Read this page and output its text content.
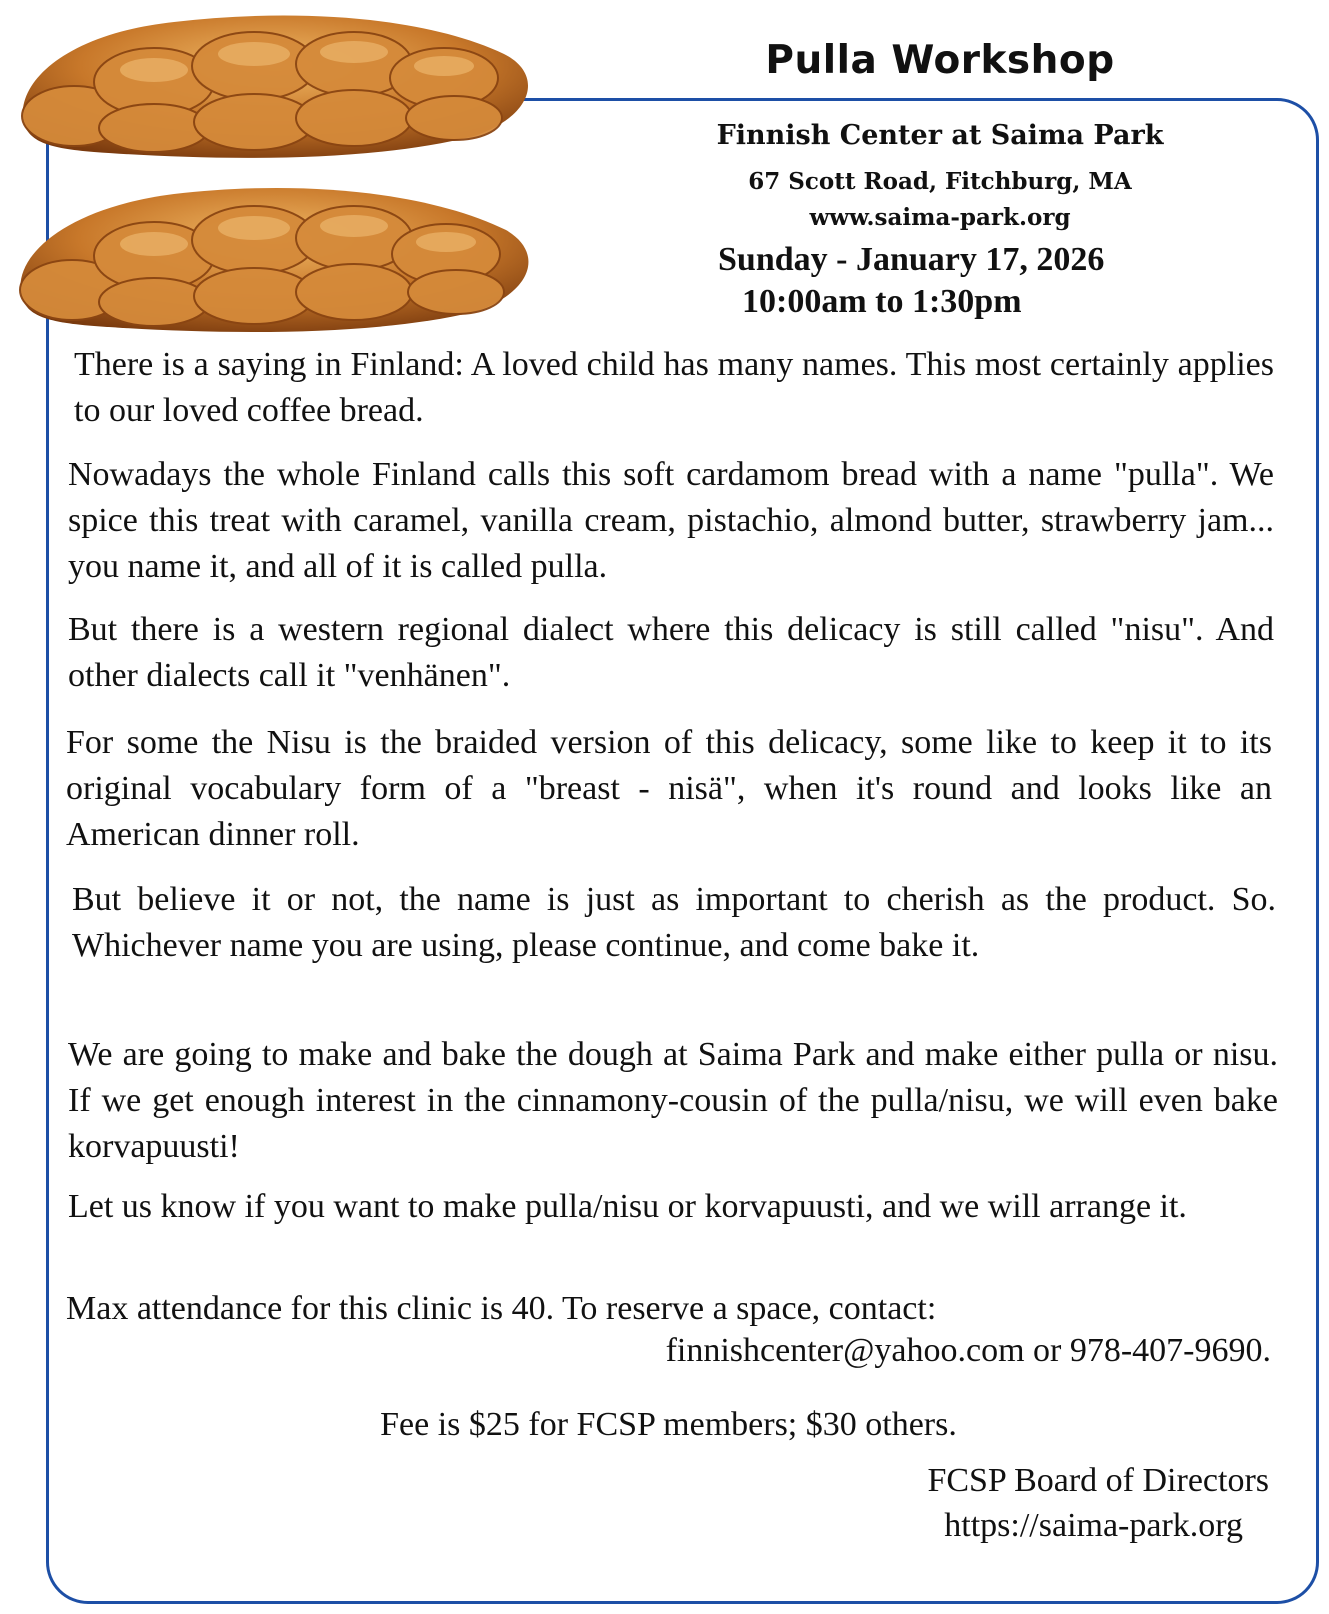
Pulla Workshop
Finnish Center at Saima Park
67 Scott Road, Fitchburg, MA
www.saima-park.org
Sunday - January 17, 2026
10:00am to 1:30pm

There is a saying in Finland: A loved child has many names. This most certainly applies to our loved coffee bread.

Nowadays the whole Finland calls this soft cardamom bread with a name "pulla". We spice this treat with caramel, vanilla cream, pistachio, almond butter, strawberry jam... you name it, and all of it is called pulla.

But there is a western regional dialect where this delicacy is still called "nisu". And other dialects call it "venhänen".

For some the Nisu is the braided version of this delicacy, some like to keep it to its original vocabulary form of a "breast - nisä", when it's round and looks like an American dinner roll.

But believe it or not, the name is just as important to cherish as the product. So. Whichever name you are using, please continue, and come bake it.

We are going to make and bake the dough at Saima Park and make either pulla or nisu. If we get enough interest in the cinnamony-cousin of the pulla/nisu, we will even bake korvapuusti!

Let us know if you want to make pulla/nisu or korvapuusti, and we will arrange it.

Max attendance for this clinic is 40. To reserve a space, contact:
finnishcenter@yahoo.com or 978-407-9690.
Fee is $25 for FCSP members; $30 others.
FCSP Board of Directors
https://saima-park.org
